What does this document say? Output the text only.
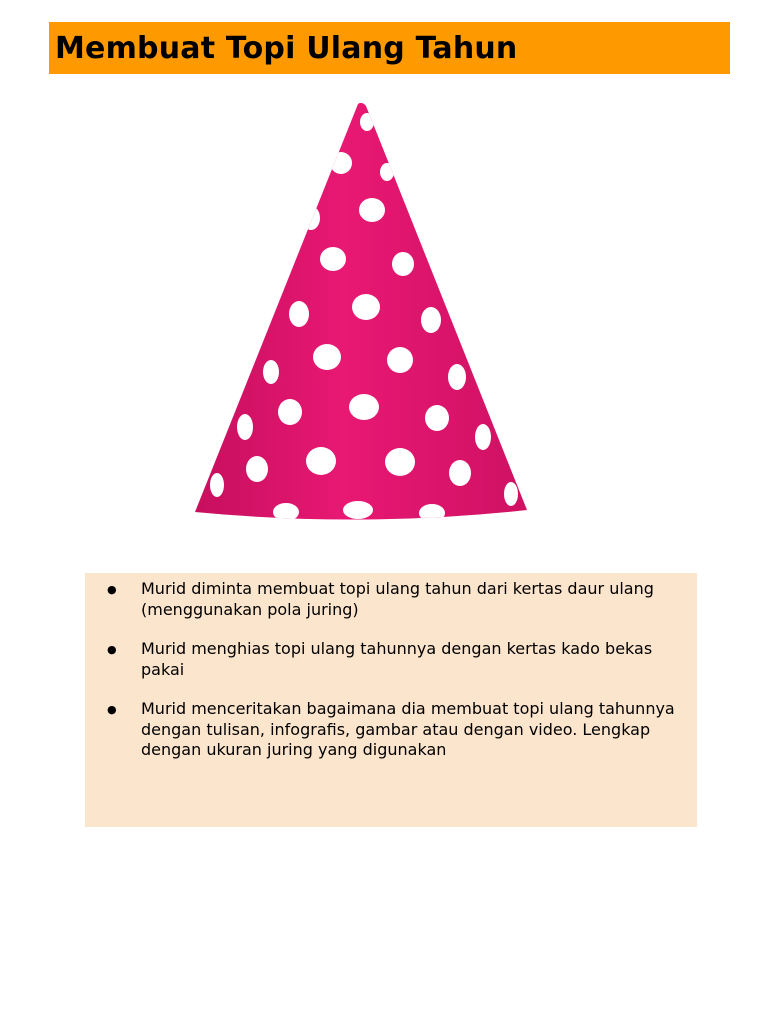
Membuat Topi Ulang Tahun
●	Murid diminta membuat topi ulang tahun dari kertas daur ulang (menggunakan pola juring)
●	Murid menghias topi ulang tahunnya dengan kertas kado bekas pakai
●	Murid menceritakan bagaimana dia membuat topi ulang tahunnya dengan tulisan, infografis, gambar atau dengan video. Lengkap dengan ukuran juring yang digunakan
